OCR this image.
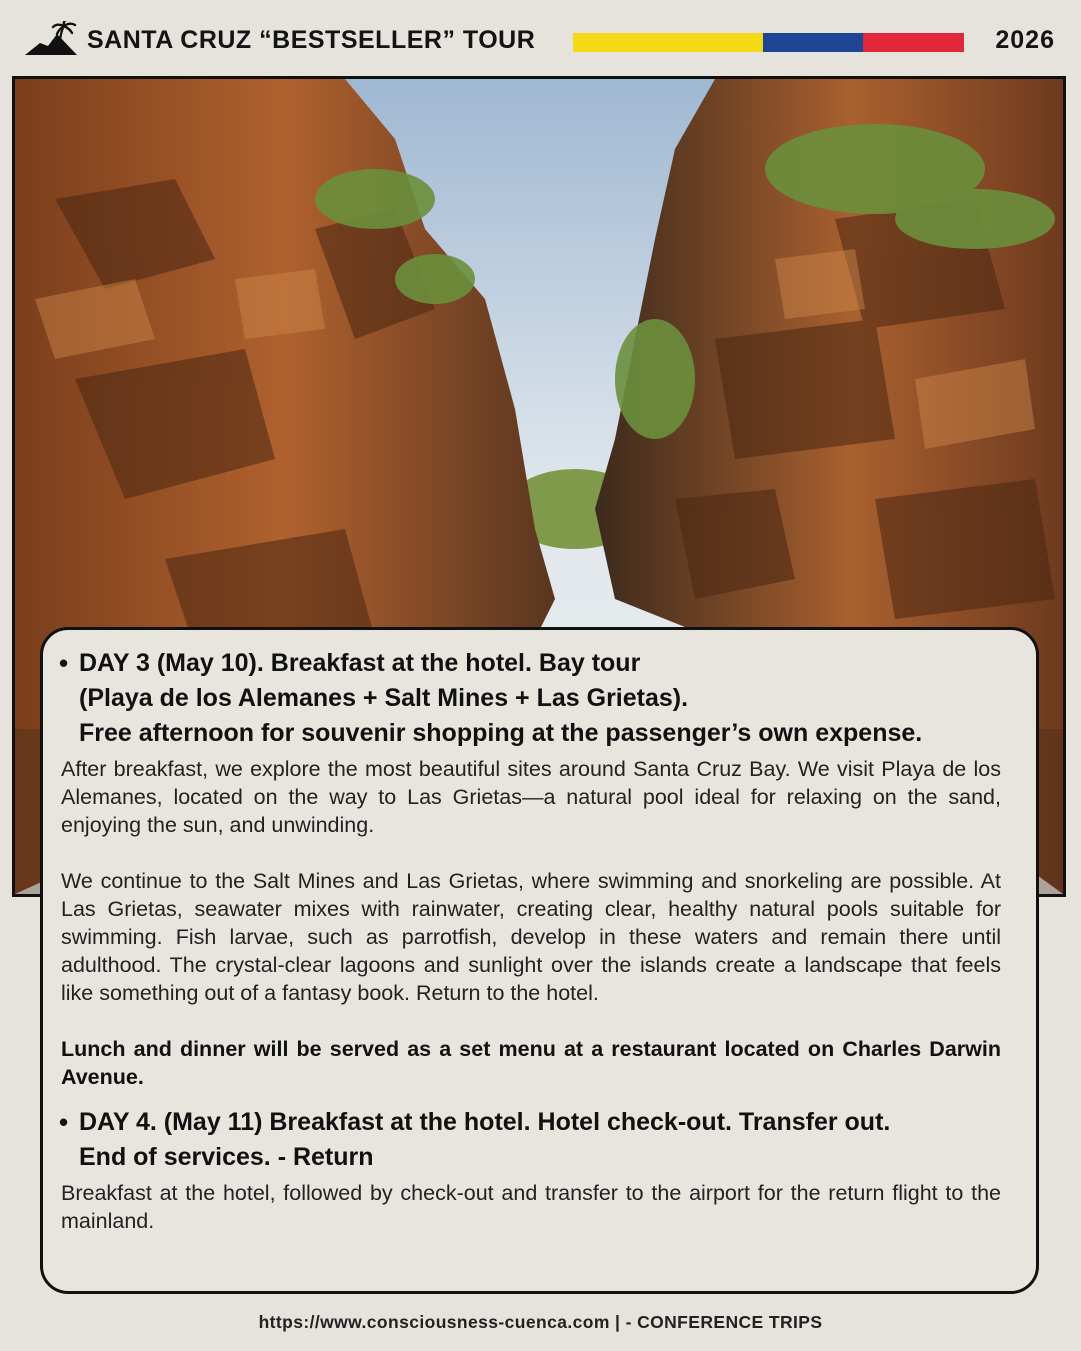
SANTA CRUZ “BESTSELLER” TOUR	2026
• DAY 3 (May 10). Breakfast at the hotel. Bay tour
(Playa de los Alemanes + Salt Mines + Las Grietas).
Free afternoon for souvenir shopping at the passenger’s own expense.

After breakfast, we explore the most beautiful sites around Santa Cruz Bay. We visit Playa de los Alemanes, located on the way to Las Grietas—a natural pool ideal for relaxing on the sand, enjoying the sun, and unwinding.

We continue to the Salt Mines and Las Grietas, where swimming and snorkeling are possible. At Las Grietas, seawater mixes with rainwater, creating clear, healthy natural pools suitable for swimming. Fish larvae, such as parrotfish, develop in these waters and remain there until adulthood. The crystal-clear lagoons and sunlight over the islands create a landscape that feels like something out of a fantasy book. Return to the hotel.

Lunch and dinner will be served as a set menu at a restaurant located on Charles Darwin Avenue.

• DAY 4. (May 11) Breakfast at the hotel. Hotel check-out. Transfer out.
End of services. - Return

Breakfast at the hotel, followed by check-out and transfer to the airport for the return flight to the mainland.

https://www.consciousness-cuenca.com | - CONFERENCE TRIPS
